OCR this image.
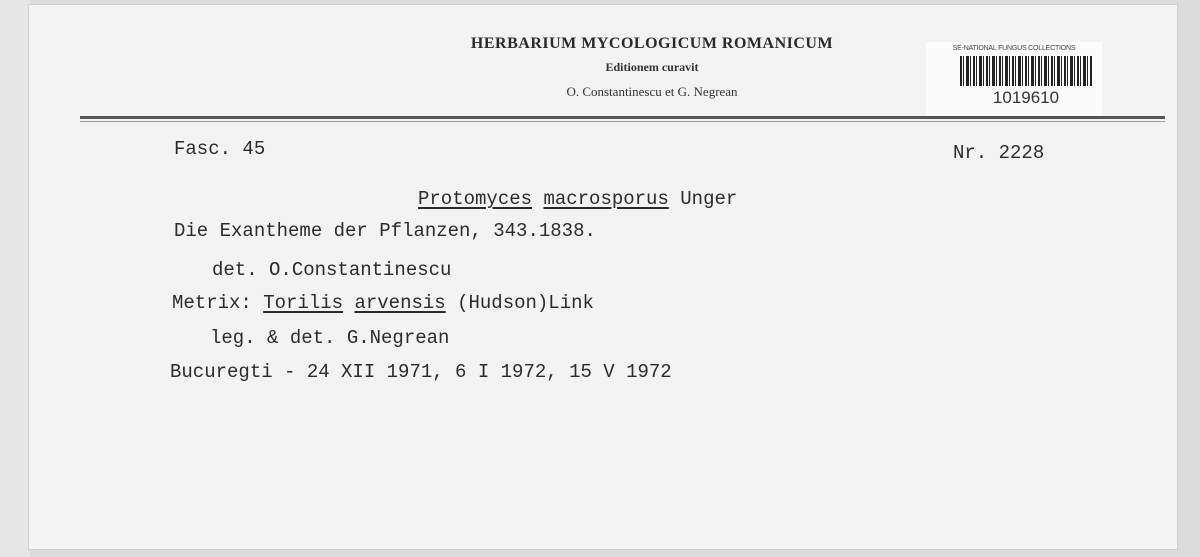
HERBARIUM MYCOLOGICUM ROMANICUM
Editionem curavit
O. Constantinescu et G. Negrean
SE-NATIONAL FUNGUS COLLECTIONS
1019610
Fasc. 45	Nr. 2228
Protomyces macrosporus Unger
Die Exantheme der Pflanzen, 343.1838.
det. O.Constantinescu
Metrix: Torilis arvensis (Hudson)Link
leg. & det. G.Negrean
Bucuregti - 24 XII 1971, 6 I 1972, 15 V 1972
